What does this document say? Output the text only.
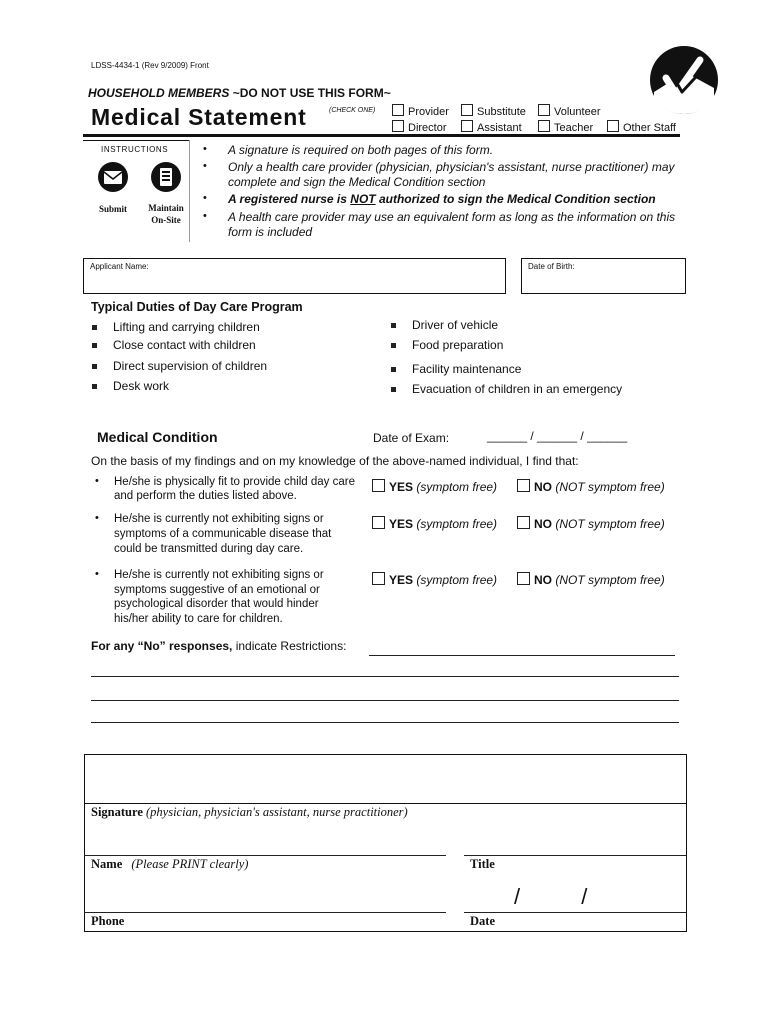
LDSS-4434-1 (Rev 9/2009) Front
HOUSEHOLD MEMBERS ~DO NOT USE THIS FORM~
Medical Statement	(CHECK ONE)	Provider	Substitute	Volunteer
Director	Assistant	Teacher	Other Staff
INSTRUCTIONS
Submit	Maintain On-Site
• A signature is required on both pages of this form.
• Only a health care provider (physician, physician's assistant, nurse practitioner) may complete and sign the Medical Condition section
• A registered nurse is NOT authorized to sign the Medical Condition section
• A health care provider may use an equivalent form as long as the information on this form is included
Applicant Name:	Date of Birth:
Typical Duties of Day Care Program
Lifting and carrying children
Close contact with children
Direct supervision of children
Desk work
Driver of vehicle
Food preparation
Facility maintenance
Evacuation of children in an emergency
Medical Condition	Date of Exam:	______ / ______ / ______
On the basis of my findings and on my knowledge of the above-named individual, I find that:
• He/she is physically fit to provide child day care and perform the duties listed above.
YES (symptom free)	NO (NOT symptom free)
• He/she is currently not exhibiting signs or symptoms of a communicable disease that could be transmitted during day care.
YES (symptom free)	NO (NOT symptom free)
• He/she is currently not exhibiting signs or symptoms suggestive of an emotional or psychological disorder that would hinder his/her ability to care for children.
YES (symptom free)	NO (NOT symptom free)
For any “No” responses, indicate Restrictions:
Signature (physician, physician's assistant, nurse practitioner)
Name (Please PRINT clearly)	Title
/          /
Phone	Date
